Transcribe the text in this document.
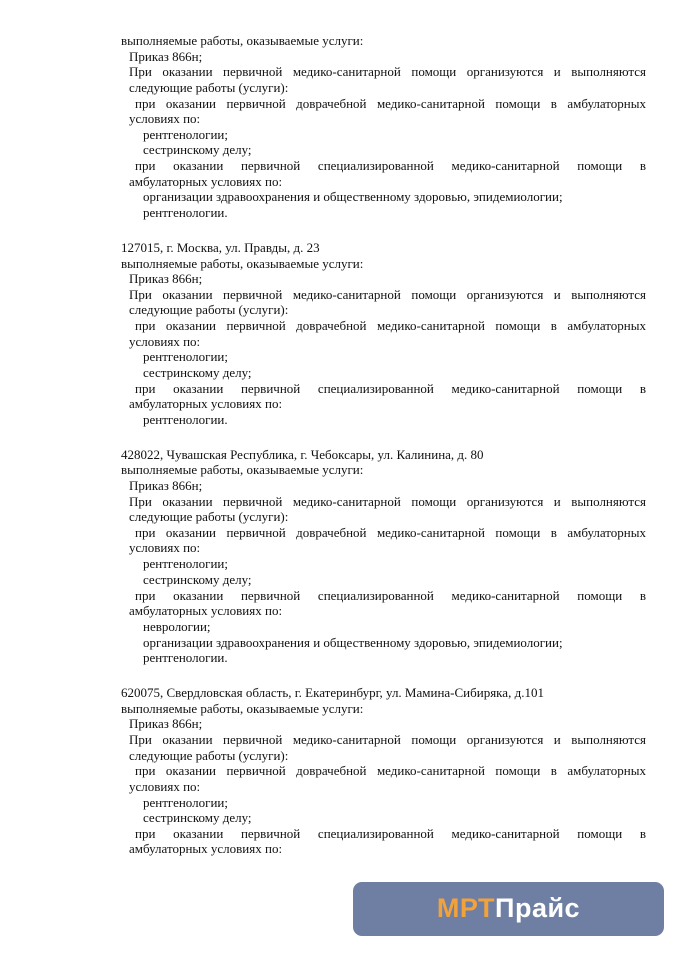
выполняемые работы, оказываемые услуги:
Приказ 866н;
При оказании первичной медико-санитарной помощи организуются и выполняются
следующие работы (услуги):
при оказании первичной доврачебной медико-санитарной помощи в амбулаторных
условиях по:
рентгенологии;
сестринскому делу;
при оказании первичной специализированной медико-санитарной помощи в
амбулаторных условиях по:
организации здравоохранения и общественному здоровью, эпидемиологии;
рентгенологии.
127015, г. Москва, ул. Правды, д. 23
выполняемые работы, оказываемые услуги:
Приказ 866н;
При оказании первичной медико-санитарной помощи организуются и выполняются
следующие работы (услуги):
при оказании первичной доврачебной медико-санитарной помощи в амбулаторных
условиях по:
рентгенологии;
сестринскому делу;
при оказании первичной специализированной медико-санитарной помощи в
амбулаторных условиях по:
рентгенологии.
428022, Чувашская Республика, г. Чебоксары, ул. Калинина, д. 80
выполняемые работы, оказываемые услуги:
Приказ 866н;
При оказании первичной медико-санитарной помощи организуются и выполняются
следующие работы (услуги):
при оказании первичной доврачебной медико-санитарной помощи в амбулаторных
условиях по:
рентгенологии;
сестринскому делу;
при оказании первичной специализированной медико-санитарной помощи в
амбулаторных условиях по:
неврологии;
организации здравоохранения и общественному здоровью, эпидемиологии;
рентгенологии.
620075, Свердловская область, г. Екатеринбург, ул. Мамина-Сибиряка, д.101
выполняемые работы, оказываемые услуги:
Приказ 866н;
При оказании первичной медико-санитарной помощи организуются и выполняются
следующие работы (услуги):
при оказании первичной доврачебной медико-санитарной помощи в амбулаторных
условиях по:
рентгенологии;
сестринскому делу;
при оказании первичной специализированной медико-санитарной помощи в
амбулаторных условиях по:
МРТ Прайс
